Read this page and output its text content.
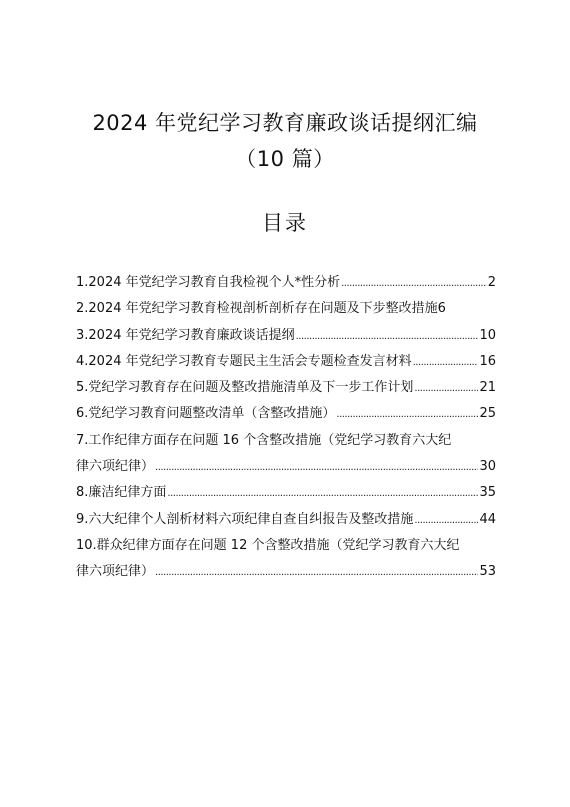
2024 年党纪学习教育廉政谈话提纲汇编
（10 篇）
目录
1.2024 年党纪学习教育自我检视个人*性分析 .....	2
2.2024 年党纪学习教育检视剖析剖析存在问题及下步整改措施 6
3.2024 年党纪学习教育廉政谈话提纲 .....	10
4.2024 年党纪学习教育专题民主生活会专题检查发言材料 .....	16
5.党纪学习教育存在问题及整改措施清单及下一步工作计划 .....	21
6.党纪学习教育问题整改清单（含整改措施） .....	25
7.工作纪律方面存在问题 16 个含整改措施（党纪学习教育六大纪
律六项纪律） .....	30
8.廉洁纪律方面 .....	35
9.六大纪律个人剖析材料六项纪律自查自纠报告及整改措施 .....	44
10.群众纪律方面存在问题 12 个含整改措施（党纪学习教育六大纪
律六项纪律） .....	53
